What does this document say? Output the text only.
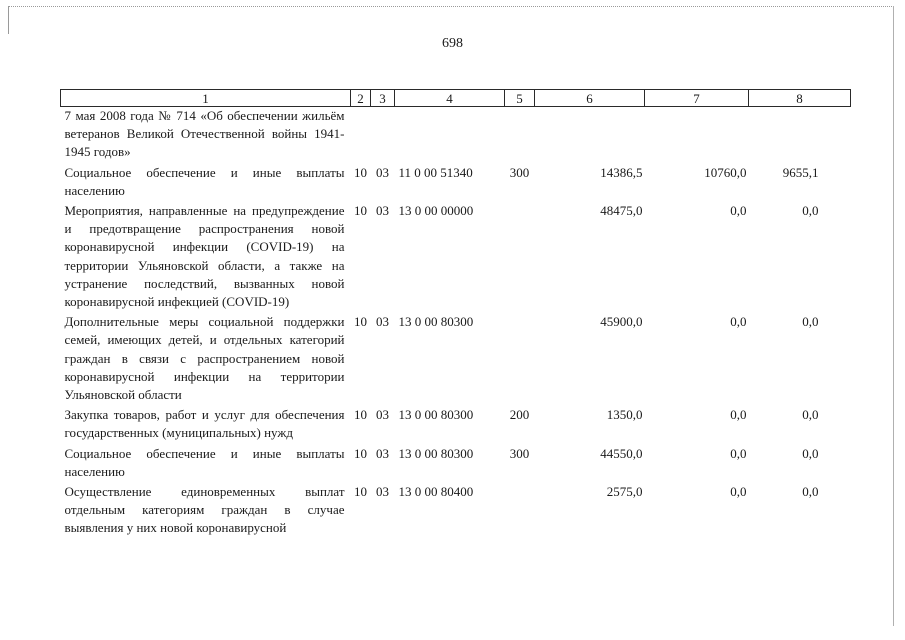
698
1	2	3	4	5	6	7	8
7 мая 2008 года № 714 «Об обеспечении жильём ветеранов Великой Отечественной войны 1941-1945 годов»							
Социальное обеспечение и иные выплаты населению	10	03	11 0 00 51340	300	14386,5	10760,0	9655,1
Мероприятия, направленные на предупреждение и предотвращение распространения новой коронавирусной инфекции (COVID-19) на территории Ульяновской области, а также на устранение последствий, вызванных новой коронавирусной инфекцией (COVID-19)	10	03	13 0 00 00000		48475,0	0,0	0,0
Дополнительные меры социальной поддержки семей, имеющих детей, и отдельных категорий граждан в связи с распространением новой коронавирусной инфекции на территории Ульяновской области	10	03	13 0 00 80300		45900,0	0,0	0,0
Закупка товаров, работ и услуг для обеспечения государственных (муниципальных) нужд	10	03	13 0 00 80300	200	1350,0	0,0	0,0
Социальное обеспечение и иные выплаты населению	10	03	13 0 00 80300	300	44550,0	0,0	0,0
Осуществление единовременных выплат отдельным категориям граждан в случае выявления у них новой коронавирусной	10	03	13 0 00 80400		2575,0	0,0	0,0
